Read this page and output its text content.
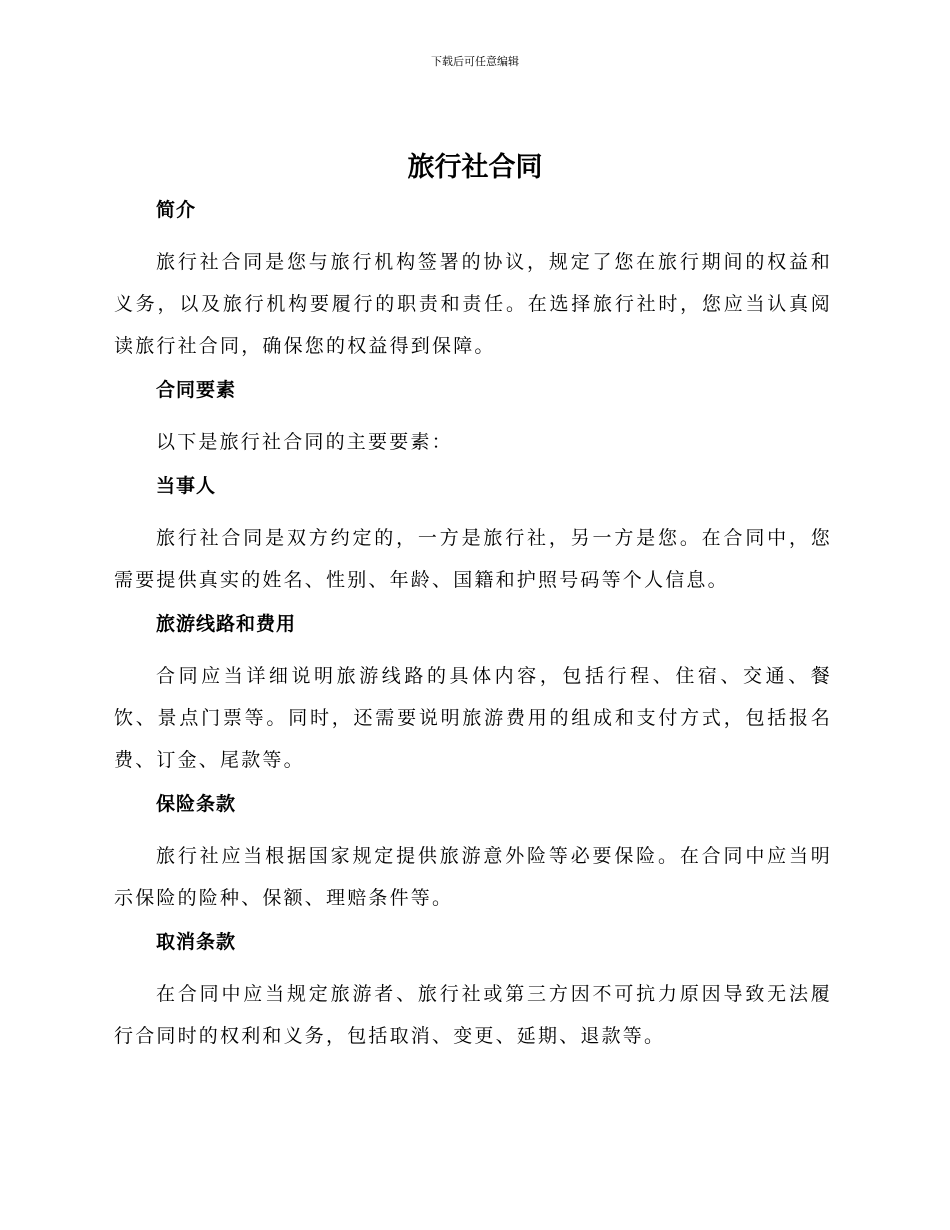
下载后可任意编辑
旅行社合同
简介

旅行社合同是您与旅行机构签署的协议，规定了您在旅行期间的权益和义务，以及旅行机构要履行的职责和责任。在选择旅行社时，您应当认真阅读旅行社合同，确保您的权益得到保障。

合同要素

以下是旅行社合同的主要要素：

当事人

旅行社合同是双方约定的，一方是旅行社，另一方是您。在合同中，您需要提供真实的姓名、性别、年龄、国籍和护照号码等个人信息。

旅游线路和费用

合同应当详细说明旅游线路的具体内容，包括行程、住宿、交通、餐饮、景点门票等。同时，还需要说明旅游费用的组成和支付方式，包括报名费、订金、尾款等。

保险条款

旅行社应当根据国家规定提供旅游意外险等必要保险。在合同中应当明示保险的险种、保额、理赔条件等。

取消条款

在合同中应当规定旅游者、旅行社或第三方因不可抗力原因导致无法履行合同时的权利和义务，包括取消、变更、延期、退款等。
